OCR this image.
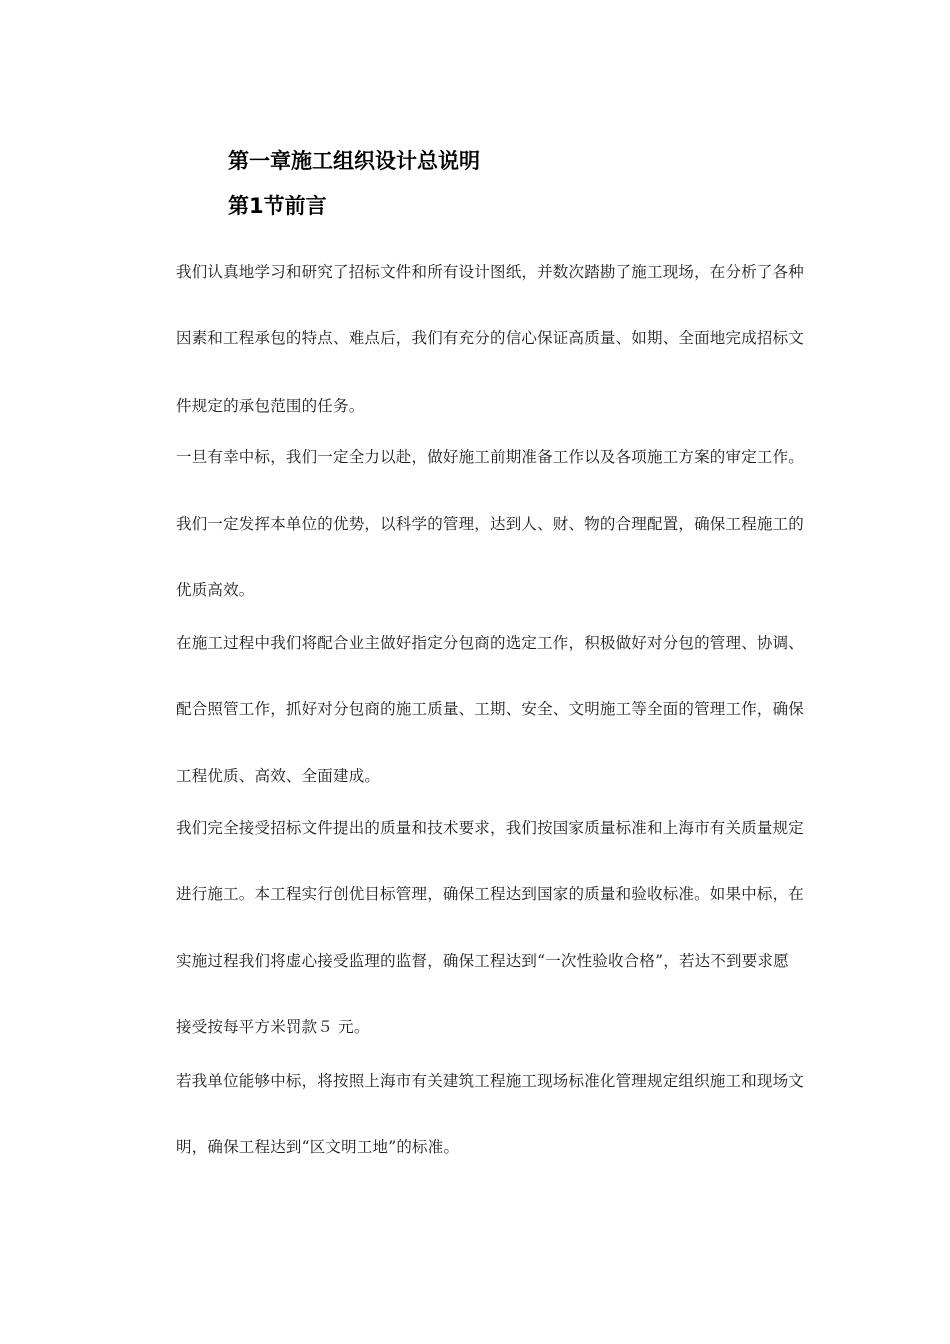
第一章施工组织设计总说明
第1节前言
我们认真地学习和研究了招标文件和所有设计图纸，并数次踏勘了施工现场，在分析了各种
因素和工程承包的特点、难点后，我们有充分的信心保证高质量、如期、全面地完成招标文
件规定的承包范围的任务。
一旦有幸中标，我们一定全力以赴，做好施工前期准备工作以及各项施工方案的审定工作。
我们一定发挥本单位的优势，以科学的管理，达到人、财、物的合理配置，确保工程施工的
优质高效。
在施工过程中我们将配合业主做好指定分包商的选定工作，积极做好对分包的管理、协调、
配合照管工作，抓好对分包商的施工质量、工期、安全、文明施工等全面的管理工作，确保
工程优质、高效、全面建成。
我们完全接受招标文件提出的质量和技术要求，我们按国家质量标准和上海市有关质量规定
进行施工。本工程实行创优目标管理，确保工程达到国家的质量和验收标准。如果中标，在
实施过程我们将虚心接受监理的监督，确保工程达到“一次性验收合格”，若达不到要求愿
接受按每平方米罚款５ 元。
若我单位能够中标，将按照上海市有关建筑工程施工现场标准化管理规定组织施工和现场文
明，确保工程达到“区文明工地”的标准。
